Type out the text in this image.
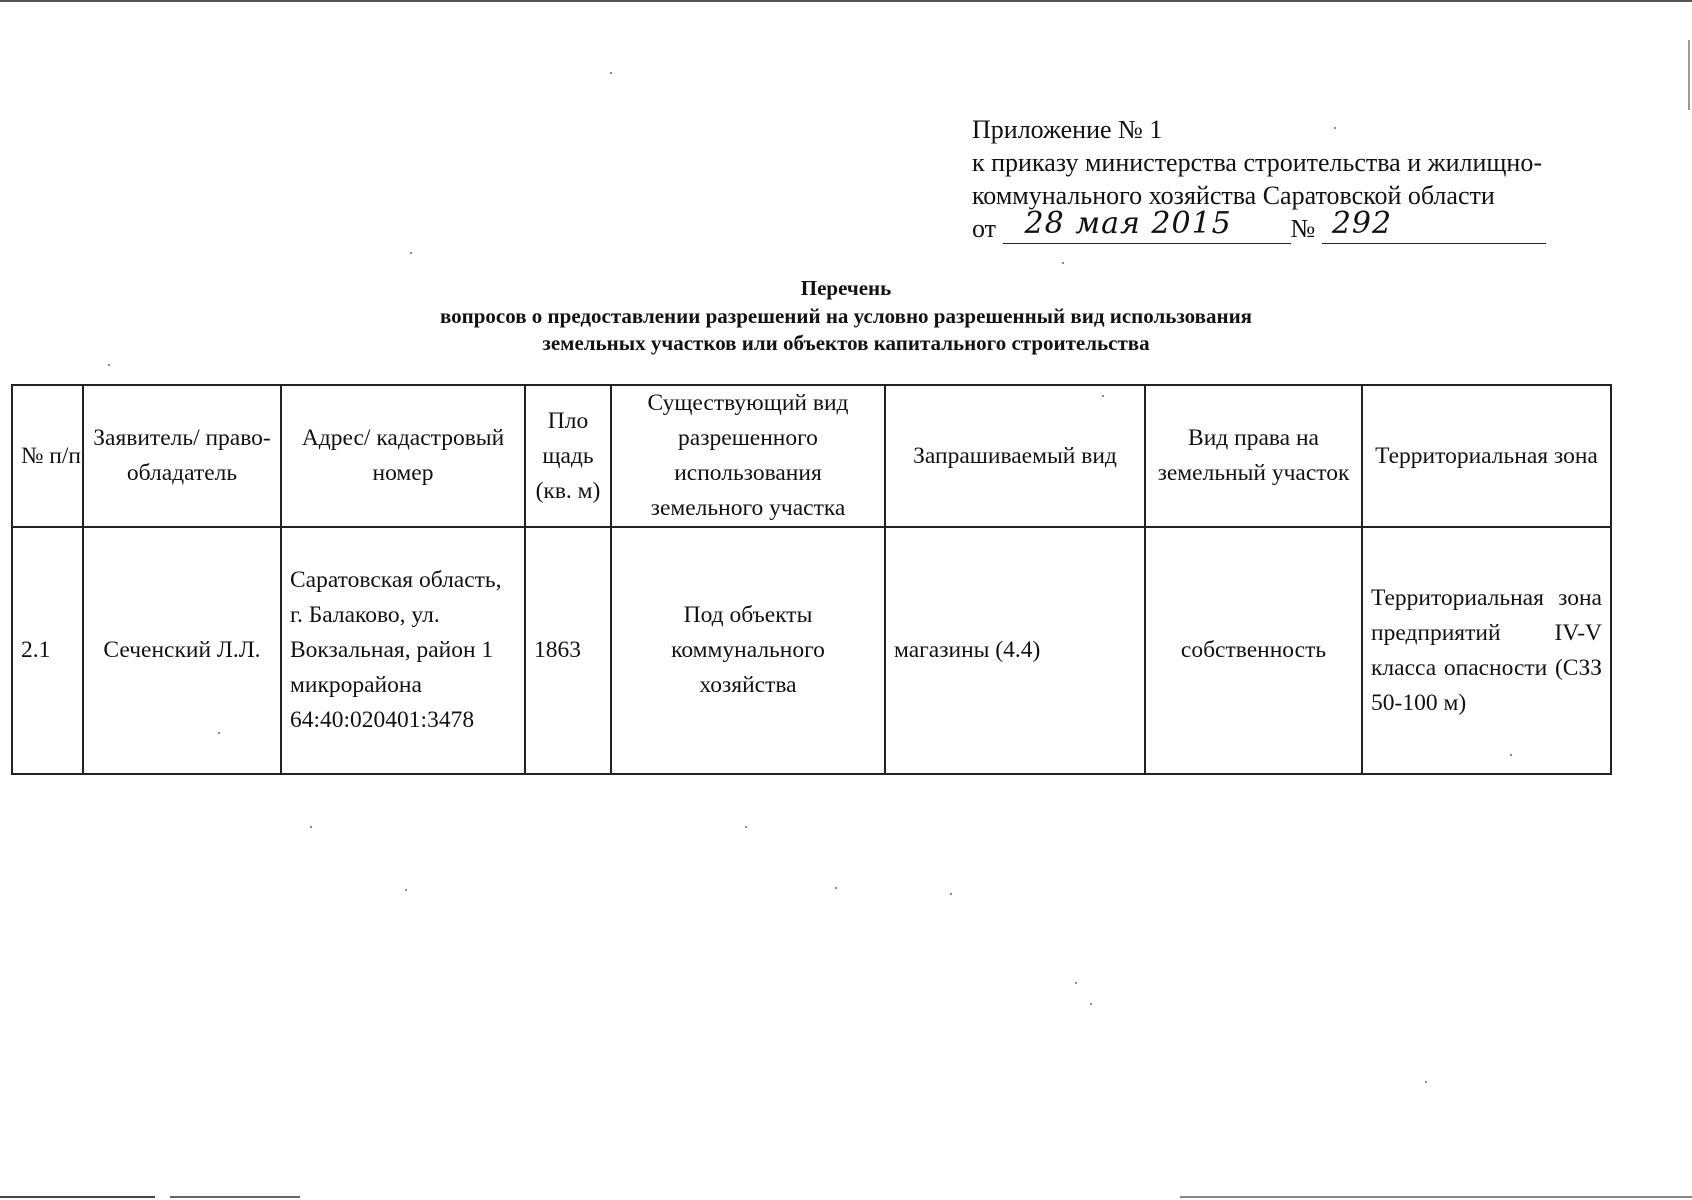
Приложение № 1
к приказу министерства строительства и жилищно-
коммунального хозяйства Саратовской области
от 28 мая 2015 № 292
Перечень
вопросов о предоставлении разрешений на условно разрешенный вид использования
земельных участков или объектов капитального строительства
№ п/п	Заявитель/ право- обладатель	Адрес/ кадастровый номер	Пло щадь (кв. м)	Существующий вид разрешенного использования земельного участка	Запрашиваемый вид	Вид права на земельный участок	Территориальная зона
2.1	Сеченский Л.Л.	Саратовская область, г. Балаково, ул. Вокзальная, район 1 микрорайона 64:40:020401:3478	1863	Под объекты коммунального хозяйства	магазины (4.4)	собственность	Территориальная зона предприятий IV-V класса опасности (СЗЗ 50-100 м)
